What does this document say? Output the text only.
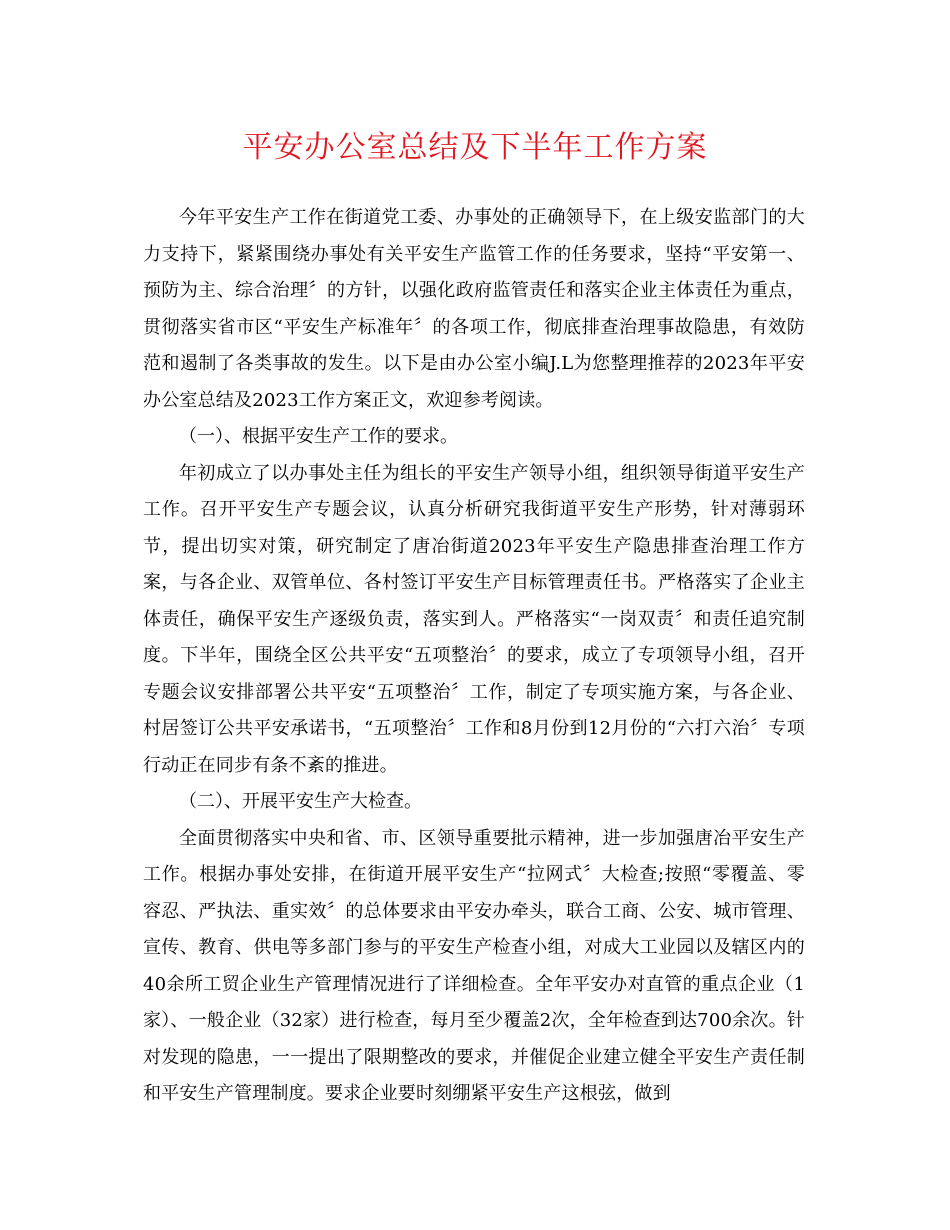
平安办公室总结及下半年工作方案

今年平安生产工作在街道党工委、办事处的正确领导下，在上级安监部门的大力支持下，紧紧围绕办事处有关平安生产监管工作的任务要求，坚持“平安第一、预防为主、综合治理〞的方针，以强化政府监管责任和落实企业主体责任为重点，贯彻落实省市区“平安生产标准年〞的各项工作，彻底排查治理事故隐患，有效防范和遏制了各类事故的发生。以下是由办公室小编J.L为您整理推荐的2023年平安办公室总结及2023工作方案正文，欢迎参考阅读。

（一）、根据平安生产工作的要求。

年初成立了以办事处主任为组长的平安生产领导小组，组织领导街道平安生产工作。召开平安生产专题会议，认真分析研究我街道平安生产形势，针对薄弱环节，提出切实对策，研究制定了唐冶街道2023年平安生产隐患排查治理工作方案，与各企业、双管单位、各村签订平安生产目标管理责任书。严格落实了企业主体责任，确保平安生产逐级负责，落实到人。严格落实“一岗双责〞和责任追究制度。下半年，围绕全区公共平安“五项整治〞的要求，成立了专项领导小组，召开专题会议安排部署公共平安“五项整治〞工作，制定了专项实施方案，与各企业、村居签订公共平安承诺书，“五项整治〞工作和8月份到12月份的“六打六治〞专项行动正在同步有条不紊的推进。

（二）、开展平安生产大检查。

全面贯彻落实中央和省、市、区领导重要批示精神，进一步加强唐冶平安生产工作。根据办事处安排，在街道开展平安生产“拉网式〞大检查;按照“零覆盖、零容忍、严执法、重实效〞的总体要求由平安办牵头，联合工商、公安、城市管理、宣传、教育、供电等多部门参与的平安生产检查小组，对成大工业园以及辖区内的40余所工贸企业生产管理情况进行了详细检查。全年平安办对直管的重点企业（1家）、一般企业（32家）进行检查，每月至少覆盖2次，全年检查到达700余次。针对发现的隐患，一一提出了限期整改的要求，并催促企业建立健全平安生产责任制和平安生产管理制度。要求企业要时刻绷紧平安生产这根弦，做到
